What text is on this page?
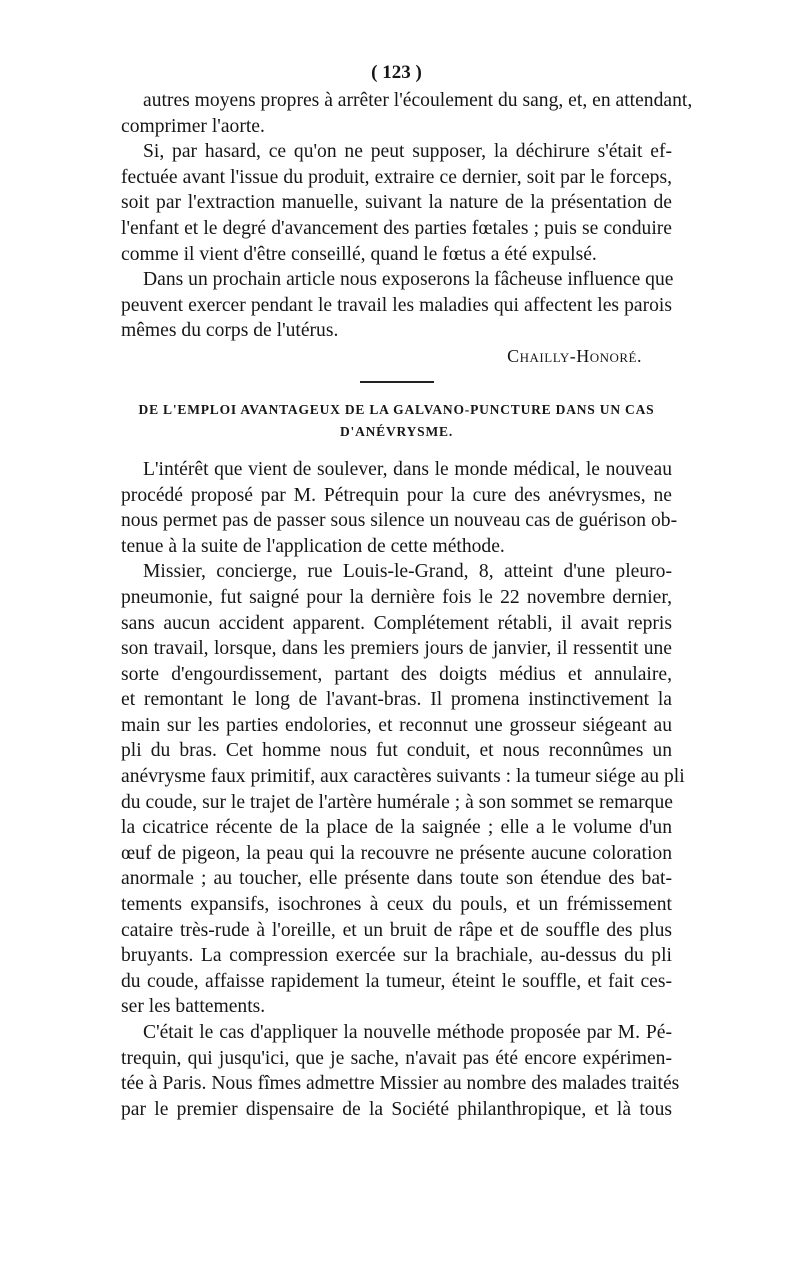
( 123 )
autres moyens propres à arrêter l'écoulement du sang, et, en attendant,
comprimer l'aorte.
Si, par hasard, ce qu'on ne peut supposer, la déchirure s'était ef-
fectuée avant l'issue du produit, extraire ce dernier, soit par le forceps,
soit par l'extraction manuelle, suivant la nature de la présentation de
l'enfant et le degré d'avancement des parties fœtales ; puis se conduire
comme il vient d'être conseillé, quand le fœtus a été expulsé.
Dans un prochain article nous exposerons la fâcheuse influence que
peuvent exercer pendant le travail les maladies qui affectent les parois
mêmes du corps de l'utérus.
Chailly-Honoré.
DE L'EMPLOI AVANTAGEUX DE LA GALVANO-PUNCTURE DANS UN CAS
D'ANÉVRYSME.
L'intérêt que vient de soulever, dans le monde médical, le nouveau
procédé proposé par M. Pétrequin pour la cure des anévrysmes, ne
nous permet pas de passer sous silence un nouveau cas de guérison ob-
tenue à la suite de l'application de cette méthode.
Missier, concierge, rue Louis-le-Grand, 8, atteint d'une pleuro-
pneumonie, fut saigné pour la dernière fois le 22 novembre dernier,
sans aucun accident apparent. Complétement rétabli, il avait repris
son travail, lorsque, dans les premiers jours de janvier, il ressentit une
sorte d'engourdissement, partant des doigts médius et annulaire,
et remontant le long de l'avant-bras. Il promena instinctivement la
main sur les parties endolories, et reconnut une grosseur siégeant au
pli du bras. Cet homme nous fut conduit, et nous reconnûmes un
anévrysme faux primitif, aux caractères suivants : la tumeur siége au pli
du coude, sur le trajet de l'artère humérale ; à son sommet se remarque
la cicatrice récente de la place de la saignée ; elle a le volume d'un
œuf de pigeon, la peau qui la recouvre ne présente aucune coloration
anormale ; au toucher, elle présente dans toute son étendue des bat-
tements expansifs, isochrones à ceux du pouls, et un frémissement
cataire très-rude à l'oreille, et un bruit de râpe et de souffle des plus
bruyants. La compression exercée sur la brachiale, au-dessus du pli
du coude, affaisse rapidement la tumeur, éteint le souffle, et fait ces-
ser les battements.
C'était le cas d'appliquer la nouvelle méthode proposée par M. Pé-
trequin, qui jusqu'ici, que je sache, n'avait pas été encore expérimen-
tée à Paris. Nous fîmes admettre Missier au nombre des malades traités
par le premier dispensaire de la Société philanthropique, et là tous
